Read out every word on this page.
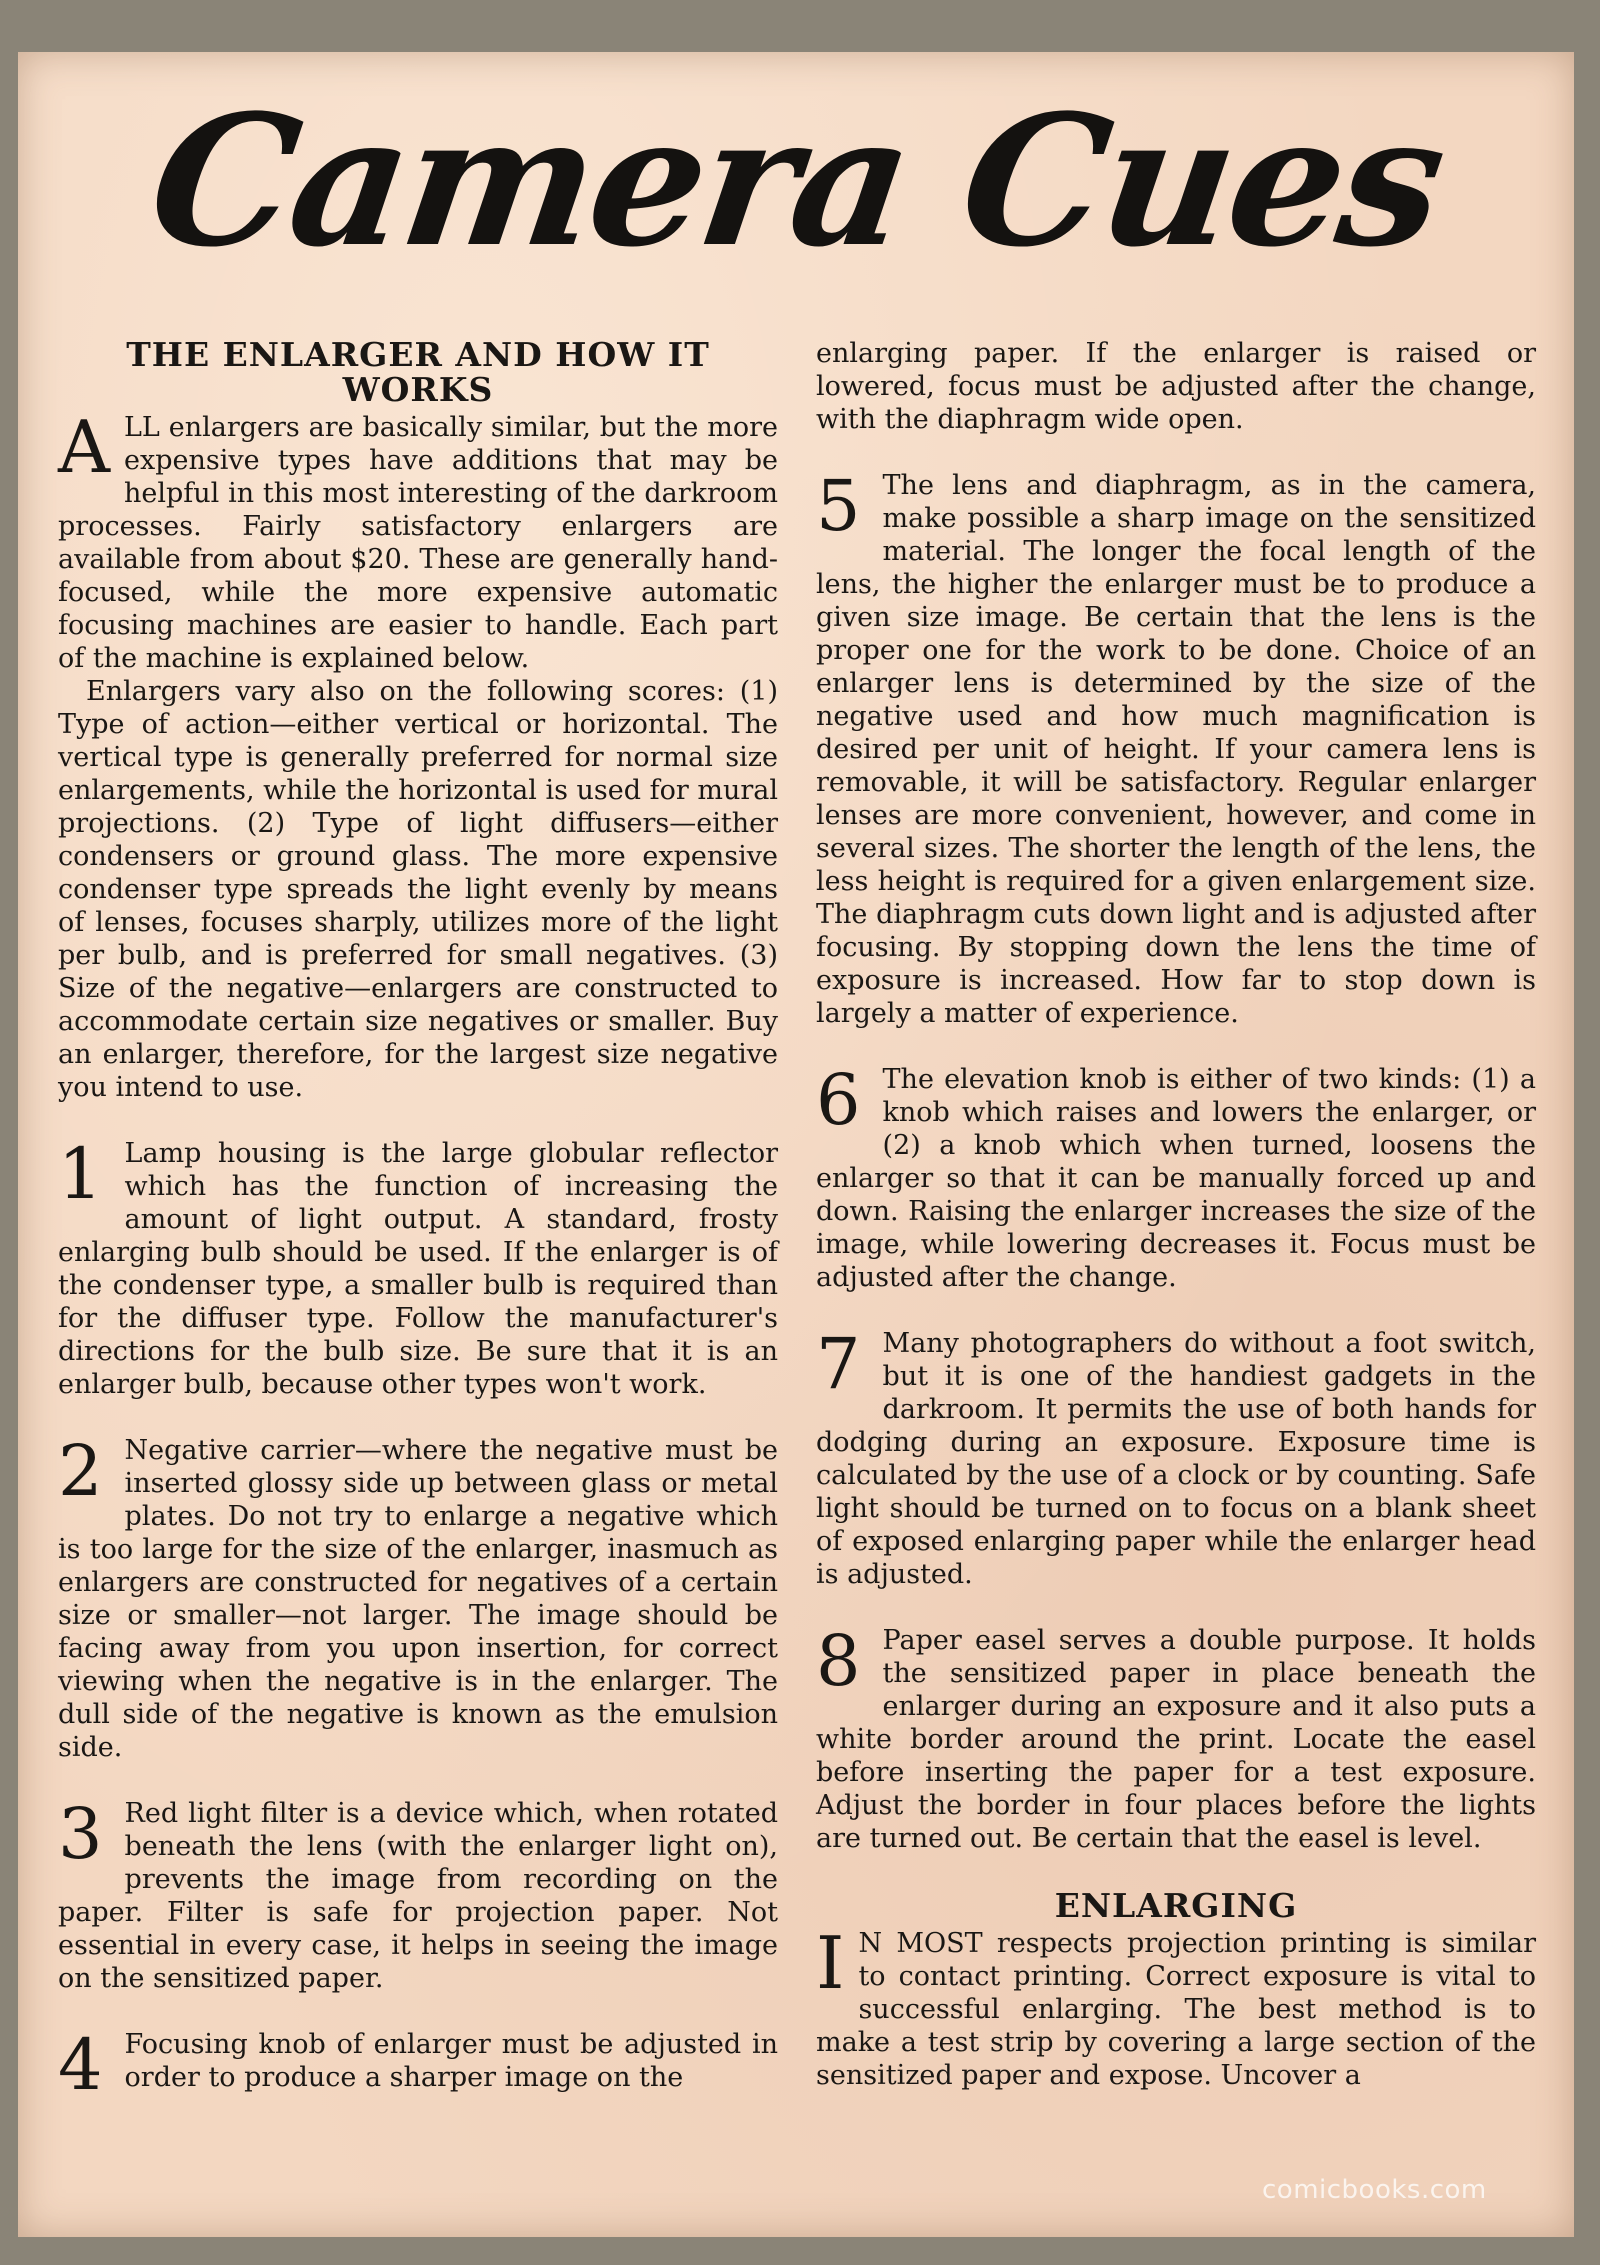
Camera Cues
THE ENLARGER AND HOW IT WORKS

ALL enlargers are basically similar, but the more expensive types have additions that may be helpful in this most interesting of the darkroom processes. Fairly satisfactory enlargers are available from about $20. These are generally hand-focused, while the more expensive automatic focusing machines are easier to handle. Each part of the machine is explained below.

Enlargers vary also on the following scores: (1) Type of action—either vertical or horizontal. The vertical type is generally preferred for normal size enlargements, while the horizontal is used for mural projections. (2) Type of light diffusers—either condensers or ground glass. The more expensive condenser type spreads the light evenly by means of lenses, focuses sharply, utilizes more of the light per bulb, and is preferred for small negatives. (3) Size of the negative—enlargers are constructed to accommodate certain size negatives or smaller. Buy an enlarger, therefore, for the largest size negative you intend to use.

1 Lamp housing is the large globular reflector which has the function of increasing the amount of light output. A standard, frosty enlarging bulb should be used. If the enlarger is of the condenser type, a smaller bulb is required than for the diffuser type. Follow the manufacturer's directions for the bulb size. Be sure that it is an enlarger bulb, because other types won't work.

2 Negative carrier—where the negative must be inserted glossy side up between glass or metal plates. Do not try to enlarge a negative which is too large for the size of the enlarger, inasmuch as enlargers are constructed for negatives of a certain size or smaller—not larger. The image should be facing away from you upon insertion, for correct viewing when the negative is in the enlarger. The dull side of the negative is known as the emulsion side.

3 Red light filter is a device which, when rotated beneath the lens (with the enlarger light on), prevents the image from recording on the paper. Filter is safe for projection paper. Not essential in every case, it helps in seeing the image on the sensitized paper.

4 Focusing knob of enlarger must be adjusted in order to produce a sharper image on the

enlarging paper. If the enlarger is raised or lowered, focus must be adjusted after the change, with the diaphragm wide open.

5 The lens and diaphragm, as in the camera, make possible a sharp image on the sensitized material. The longer the focal length of the lens, the higher the enlarger must be to produce a given size image. Be certain that the lens is the proper one for the work to be done. Choice of an enlarger lens is determined by the size of the negative used and how much magnification is desired per unit of height. If your camera lens is removable, it will be satisfactory. Regular enlarger lenses are more convenient, however, and come in several sizes. The shorter the length of the lens, the less height is required for a given enlargement size. The diaphragm cuts down light and is adjusted after focusing. By stopping down the lens the time of exposure is increased. How far to stop down is largely a matter of experience.

6 The elevation knob is either of two kinds: (1) a knob which raises and lowers the enlarger, or (2) a knob which when turned, loosens the enlarger so that it can be manually forced up and down. Raising the enlarger increases the size of the image, while lowering decreases it. Focus must be adjusted after the change.

7 Many photographers do without a foot switch, but it is one of the handiest gadgets in the darkroom. It permits the use of both hands for dodging during an exposure. Exposure time is calculated by the use of a clock or by counting. Safe light should be turned on to focus on a blank sheet of exposed enlarging paper while the enlarger head is adjusted.

8 Paper easel serves a double purpose. It holds the sensitized paper in place beneath the enlarger during an exposure and it also puts a white border around the print. Locate the easel before inserting the paper for a test exposure. Adjust the border in four places before the lights are turned out. Be certain that the easel is level.

ENLARGING

I N MOST respects projection printing is similar to contact printing. Correct exposure is vital to successful enlarging. The best method is to make a test strip by covering a large section of the sensitized paper and expose. Uncover a

comicbooks.com
